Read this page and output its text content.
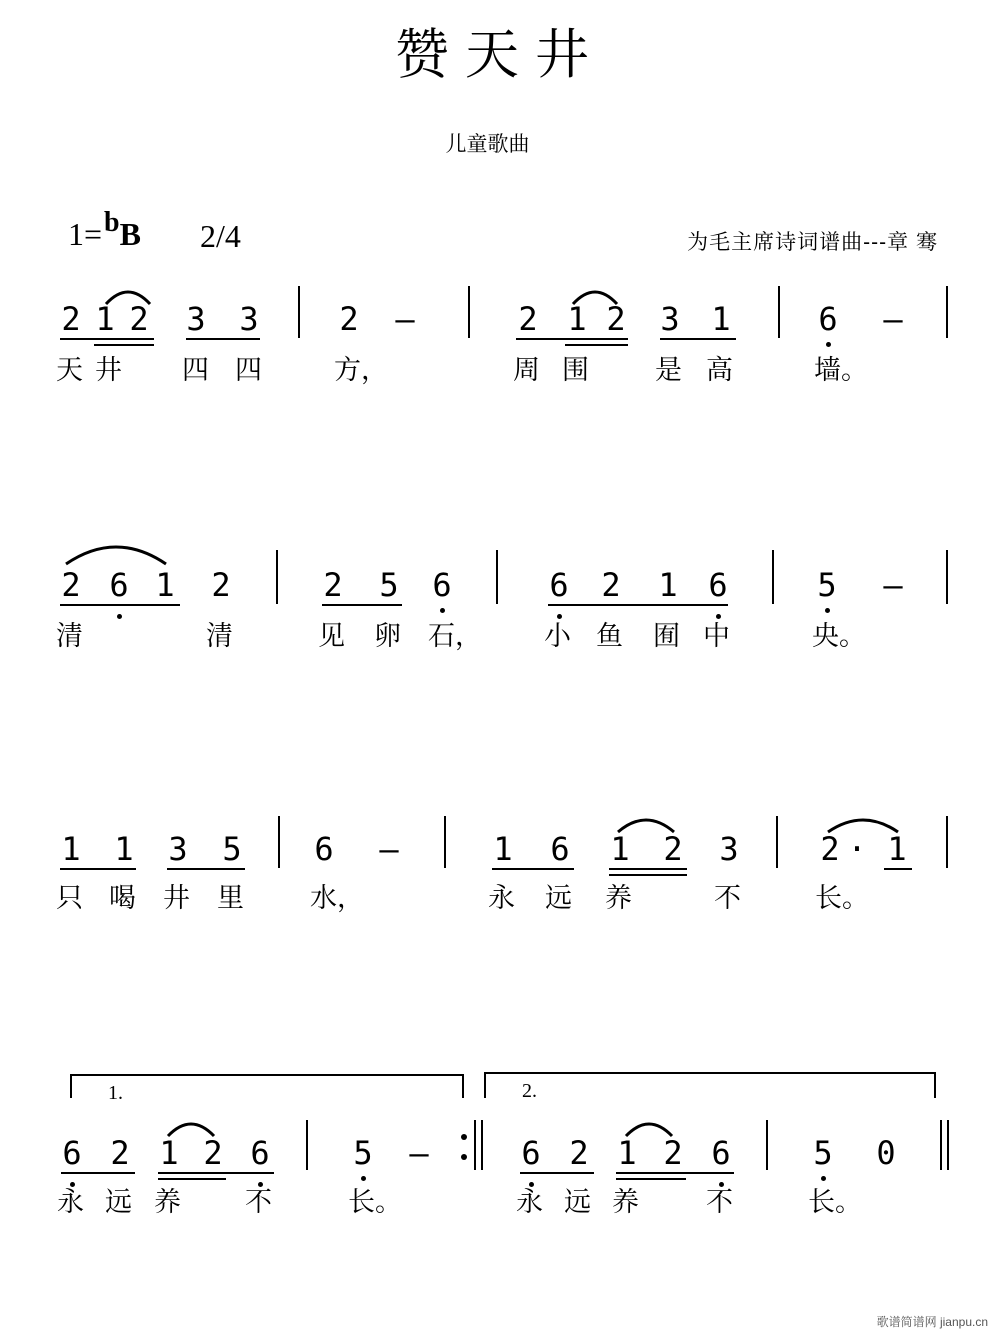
赞天井
儿童歌曲
1=bB 2/4	为毛主席诗词谱曲---章 骞
2 1 2 3 3	2 –	2 1 2 3 1	6 –
天 井 四 四	方，	周 围 是 高	墙。
2 6 1 2	2 5 6	6 2 1 6	5 –
清	清	见 卵 石， 小 鱼 囿 中	央。
1 1 3 5 6 –	1 6 1 2 3	2 · 1
只 喝 井 里 水，	永 远 养	不	长。
1.	2.
6 2 1 2 6	5 –	6 2 1 2 6	5 0
永 远 养 不	长。	永 远 养 不	长。
歌谱简谱网 jianpu.cn
